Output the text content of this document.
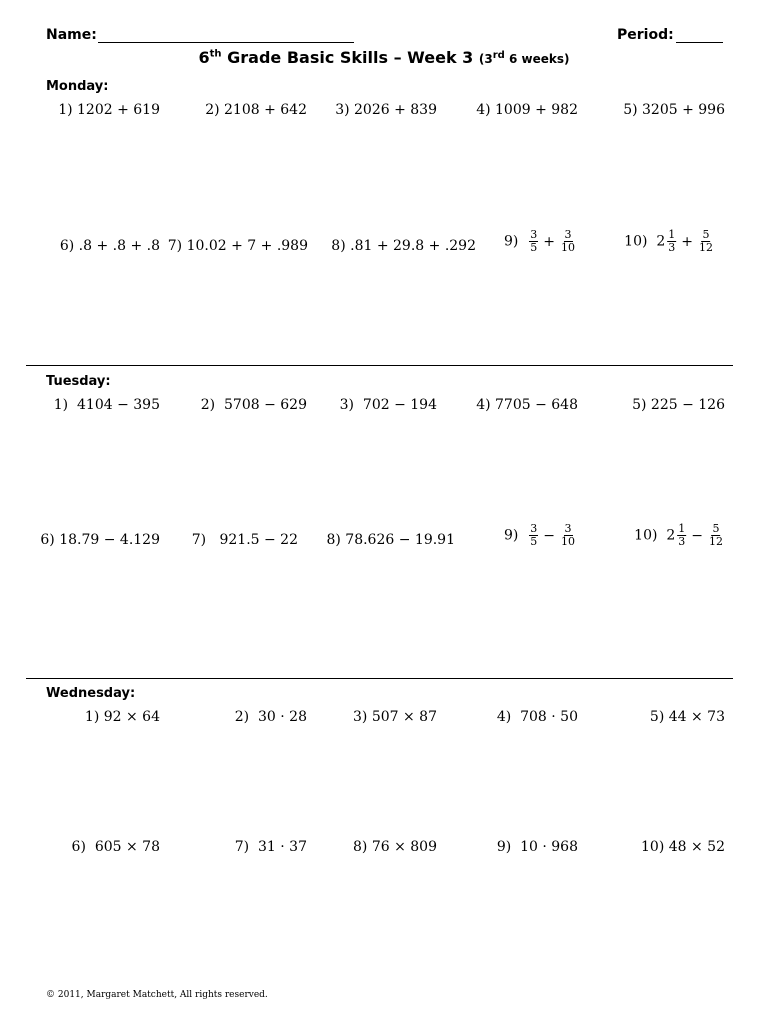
Name:	Period:
6th Grade Basic Skills – Week 3 (3rd 6 weeks)
Monday:
1) 1202 + 619	2) 2108 + 642 3) 2026 + 839	4) 1009 + 982	5) 3205 + 996
6) .8 + .8 + .8 7) 10.02 + 7 + .989 8) .81 + 29.8 + .292 $9) \frac{3}{5} + \frac{3}{10}$	10) $2 \frac{1}{3} + \frac{5}{12}$
Tuesday:
1) 4104 − 395	2) 5708 − 629 3) 702 − 194	4) 7705 − 648	5) 225 − 126
6) 18.79 − 4.129 7) 921.5 − 22 8) 78.626 − 19.91	$9) \frac{3}{5} - \frac{3}{10}$	10) $2 \frac{1}{3} - \frac{5}{12}$
Wednesday:
1) 92 × 64	2) 30 · 28	3) 507 × 87	4) 708 · 50	5) 44 × 73
6) 605 × 78	7) 31 · 37	8) 76 × 809	9) 10 · 968	10) 48 × 52
© 2011, Margaret Matchett, All rights reserved.
